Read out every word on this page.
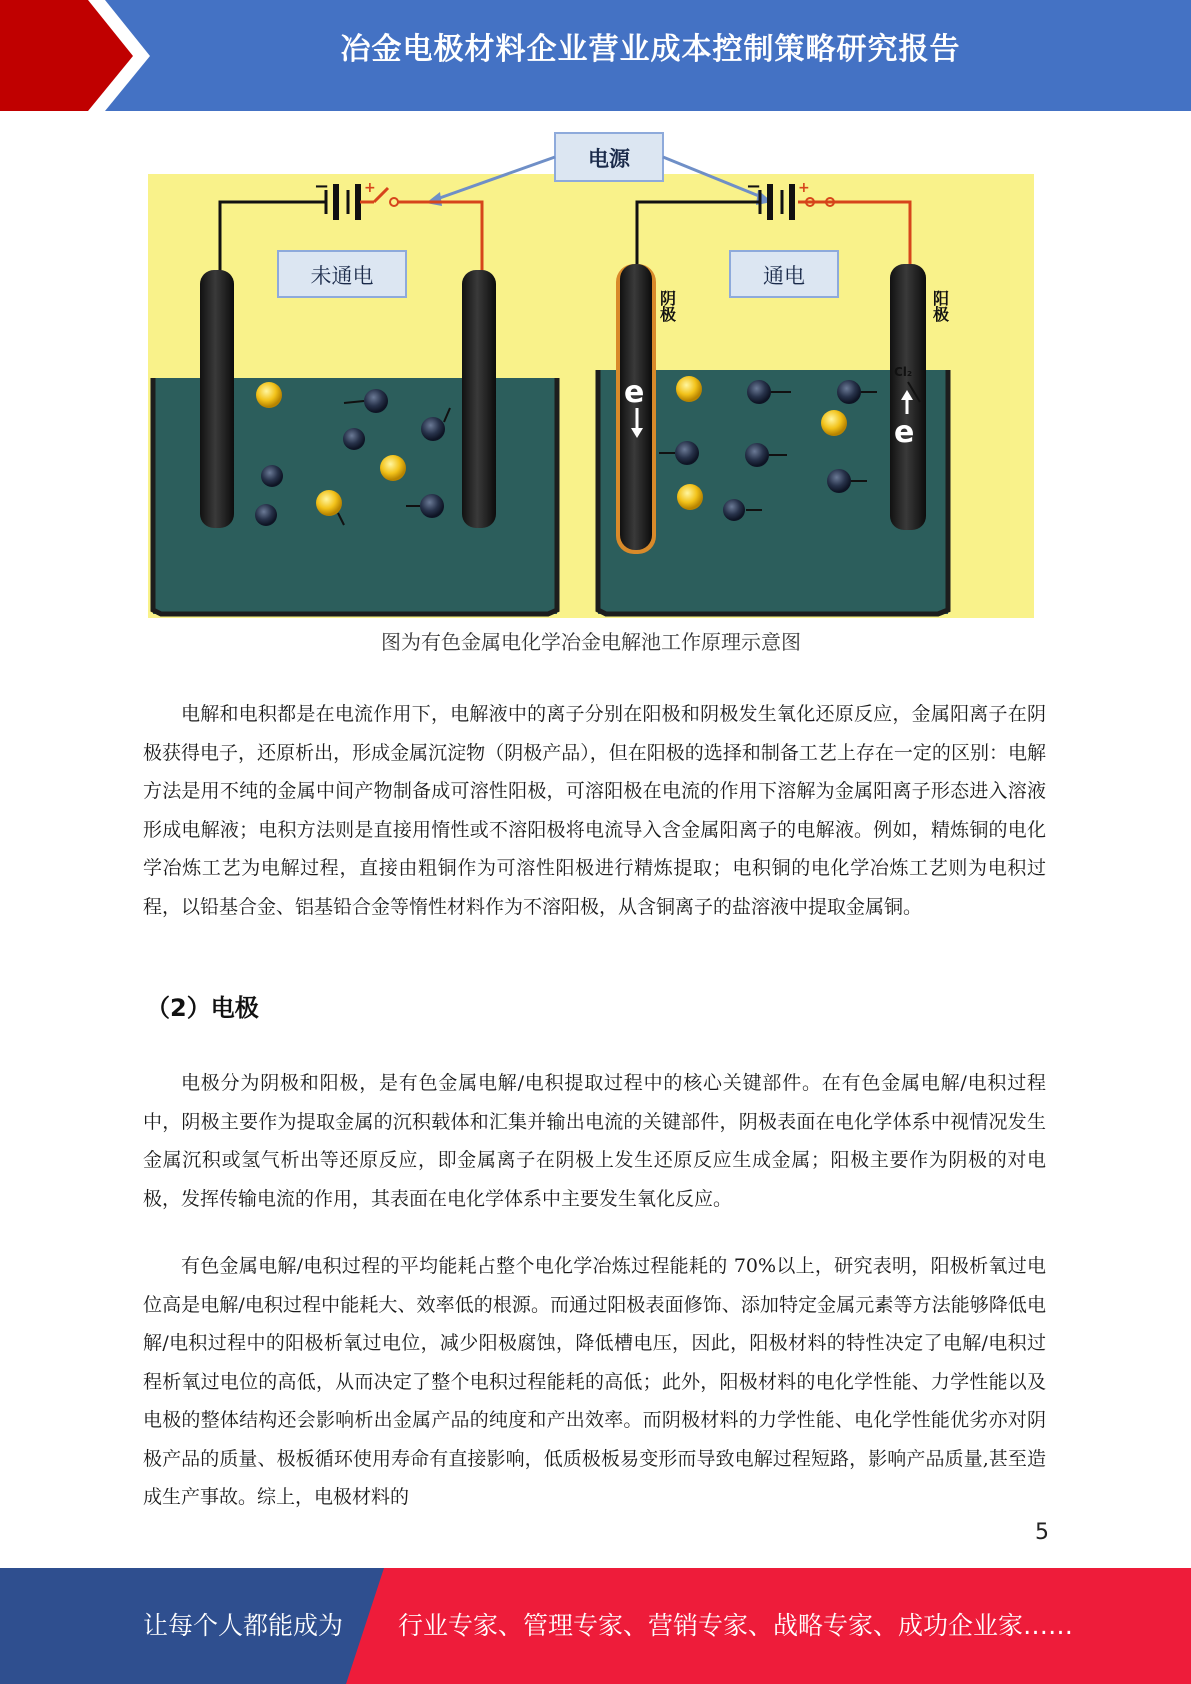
冶金电极材料企业营业成本控制策略研究报告
电源
− +
未通电
−	+
通电
阴极	阳极
Cl₂
e
e
图为有色金属电化学冶金电解池工作原理示意图

电解和电积都是在电流作用下，电解液中的离子分别在阳极和阴极发生氧化还原反应，金属阳离子在阴极获得电子，还原析出，形成金属沉淀物（阴极产品），但在阳极的选择和制备工艺上存在一定的区别：电解方法是用不纯的金属中间产物制备成可溶性阳极，可溶阳极在电流的作用下溶解为金属阳离子形态进入溶液形成电解液；电积方法则是直接用惰性或不溶阳极将电流导入含金属阳离子的电解液。例如，精炼铜的电化学冶炼工艺为电解过程，直接由粗铜作为可溶性阳极进行精炼提取；电积铜的电化学冶炼工艺则为电积过程，以铅基合金、铝基铅合金等惰性材料作为不溶阳极，从含铜离子的盐溶液中提取金属铜。

（2）电极

电极分为阴极和阳极，是有色金属电解/电积提取过程中的核心关键部件。在有色金属电解/电积过程中，阴极主要作为提取金属的沉积载体和汇集并输出电流的关键部件，阴极表面在电化学体系中视情况发生金属沉积或氢气析出等还原反应，即金属离子在阴极上发生还原反应生成金属；阳极主要作为阴极的对电极，发挥传输电流的作用，其表面在电化学体系中主要发生氧化反应。

有色金属电解/电积过程的平均能耗占整个电化学冶炼过程能耗的 70%以上，研究表明，阳极析氧过电位高是电解/电积过程中能耗大、效率低的根源。而通过阳极表面修饰、添加特定金属元素等方法能够降低电解/电积过程中的阳极析氧过电位，减少阳极腐蚀，降低槽电压，因此，阳极材料的特性决定了电解/电积过程析氧过电位的高低，从而决定了整个电积过程能耗的高低；此外，阳极材料的电化学性能、力学性能以及电极的整体结构还会影响析出金属产品的纯度和产出效率。而阴极材料的力学性能、电化学性能优劣亦对阴极产品的质量、极板循环使用寿命有直接影响，低质极板易变形而导致电解过程短路，影响产品质量,甚至造成生产事故。综上，电极材料的

5
让每个人都能成为 行业专家、管理专家、营销专家、战略专家、成功企业家……
